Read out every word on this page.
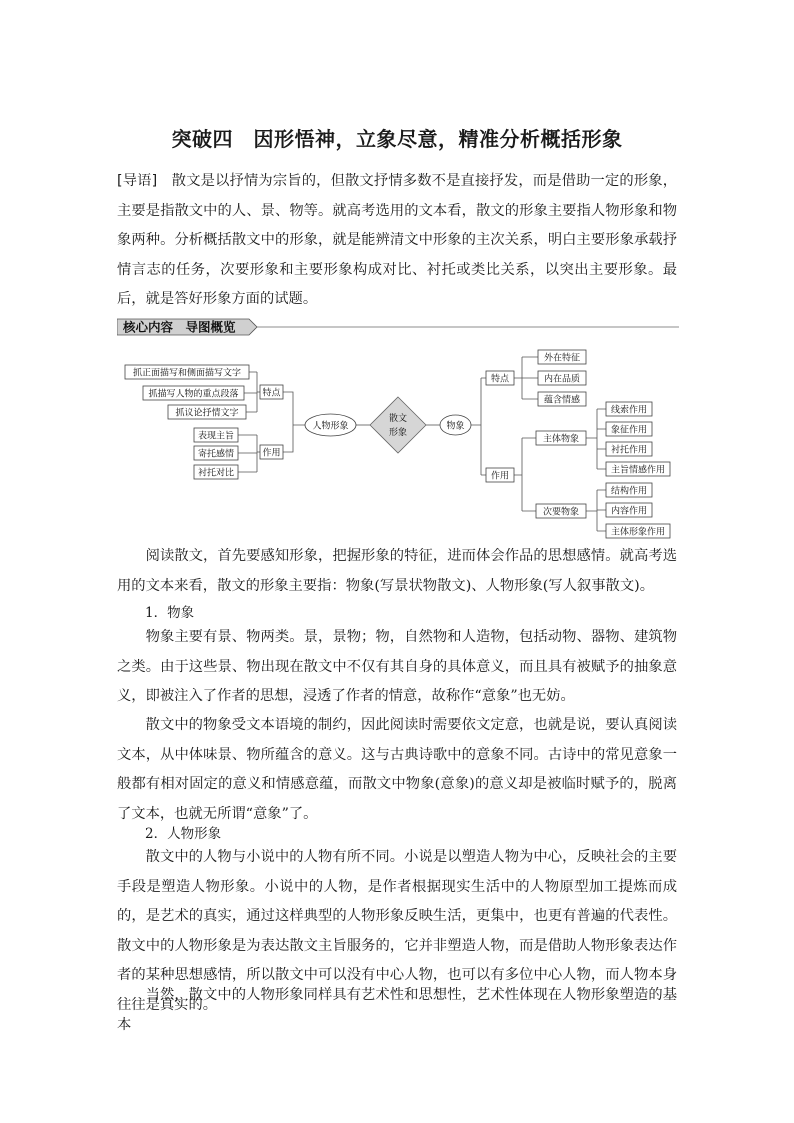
突破四　因形悟神，立象尽意，精准分析概括形象

[导语]　散文是以抒情为宗旨的，但散文抒情多数不是直接抒发，而是借助一定的形象，主要是指散文中的人、景、物等。就高考选用的文本看，散文的形象主要指人物形象和物象两种。分析概括散文中的形象，就是能辨清文中形象的主次关系，明白主要形象承载抒情言志的任务，次要形象和主要形象构成对比、衬托或类比关系，以突出主要形象。最后，就是答好形象方面的试题。

核心内容　导图概览
抓正面描写和侧面描写文字
抓描写人物的重点段落
抓议论抒情文字
表现主旨
寄托感情
衬托对比
特点
作用
人物形象
散文
形象
物象
特点
作用
外在特征
内在品质
蕴含情感
主体物象
次要物象
线索作用
象征作用
衬托作用
主旨情感作用
结构作用
内容作用
主体形象作用

阅读散文，首先要感知形象，把握形象的特征，进而体会作品的思想感情。就高考选用的文本来看，散文的形象主要指：物象(写景状物散文)、人物形象(写人叙事散文)。

1．物象

物象主要有景、物两类。景，景物；物，自然物和人造物，包括动物、器物、建筑物之类。由于这些景、物出现在散文中不仅有其自身的具体意义，而且具有被赋予的抽象意义，即被注入了作者的思想，浸透了作者的情意，故称作“意象”也无妨。

散文中的物象受文本语境的制约，因此阅读时需要依文定意，也就是说，要认真阅读文本，从中体味景、物所蕴含的意义。这与古典诗歌中的意象不同。古诗中的常见意象一般都有相对固定的意义和情感意蕴，而散文中物象(意象)的意义却是被临时赋予的，脱离了文本，也就无所谓“意象”了。

2．人物形象

散文中的人物与小说中的人物有所不同。小说是以塑造人物为中心，反映社会的主要手段是塑造人物形象。小说中的人物，是作者根据现实生活中的人物原型加工提炼而成的，是艺术的真实，通过这样典型的人物形象反映生活，更集中，也更有普遍的代表性。散文中的人物形象是为表达散文主旨服务的，它并非塑造人物，而是借助人物形象表达作者的某种思想感情，所以散文中可以没有中心人物，也可以有多位中心人物，而人物本身往往是真实的。

当然，散文中的人物形象同样具有艺术性和思想性，艺术性体现在人物形象塑造的基本
